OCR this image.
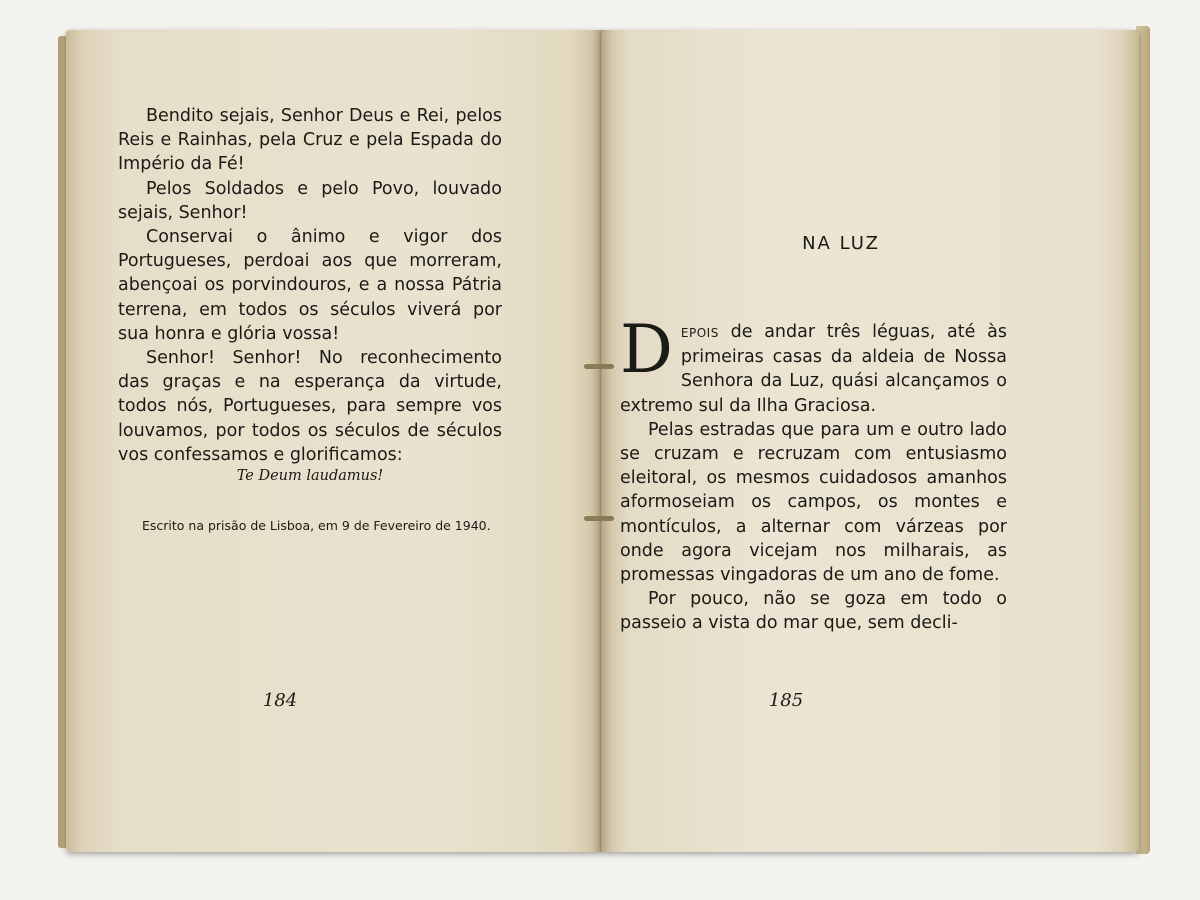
Bendito sejais, Senhor Deus e Rei, pelos Reis e Rainhas, pela Cruz e pela Espada do Império da Fé!

Pelos Soldados e pelo Povo, louvado sejais, Senhor!

Conservai o ânimo e vigor dos Portugueses, perdoai aos que morreram, abençoai os porvindouros, e a nossa Pátria terrena, em todos os séculos viverá por sua honra e glória vossa!

Senhor! Senhor! No reconhecimento das graças e na esperança da virtude, todos nós, Portugueses, para sempre vos louvamos, por todos os séculos de séculos vos confessamos e glorificamos:

Te Deum laudamus!
Escrito na prisão de Lisboa, em 9 de Fevereiro de 1940.
184
NA LUZ

DEPOIS de andar três léguas, até às primeiras casas da aldeia de Nossa Senhora da Luz, quási alcançamos o extremo sul da Ilha Graciosa.

Pelas estradas que para um e outro lado se cruzam e recruzam com entusiasmo eleitoral, os mesmos cuidadosos amanhos aformoseiam os campos, os montes e montículos, a alternar com várzeas por onde agora vicejam nos milharais, as promessas vingadoras de um ano de fome.

Por pouco, não se goza em todo o passeio a vista do mar que, sem decli-

185
